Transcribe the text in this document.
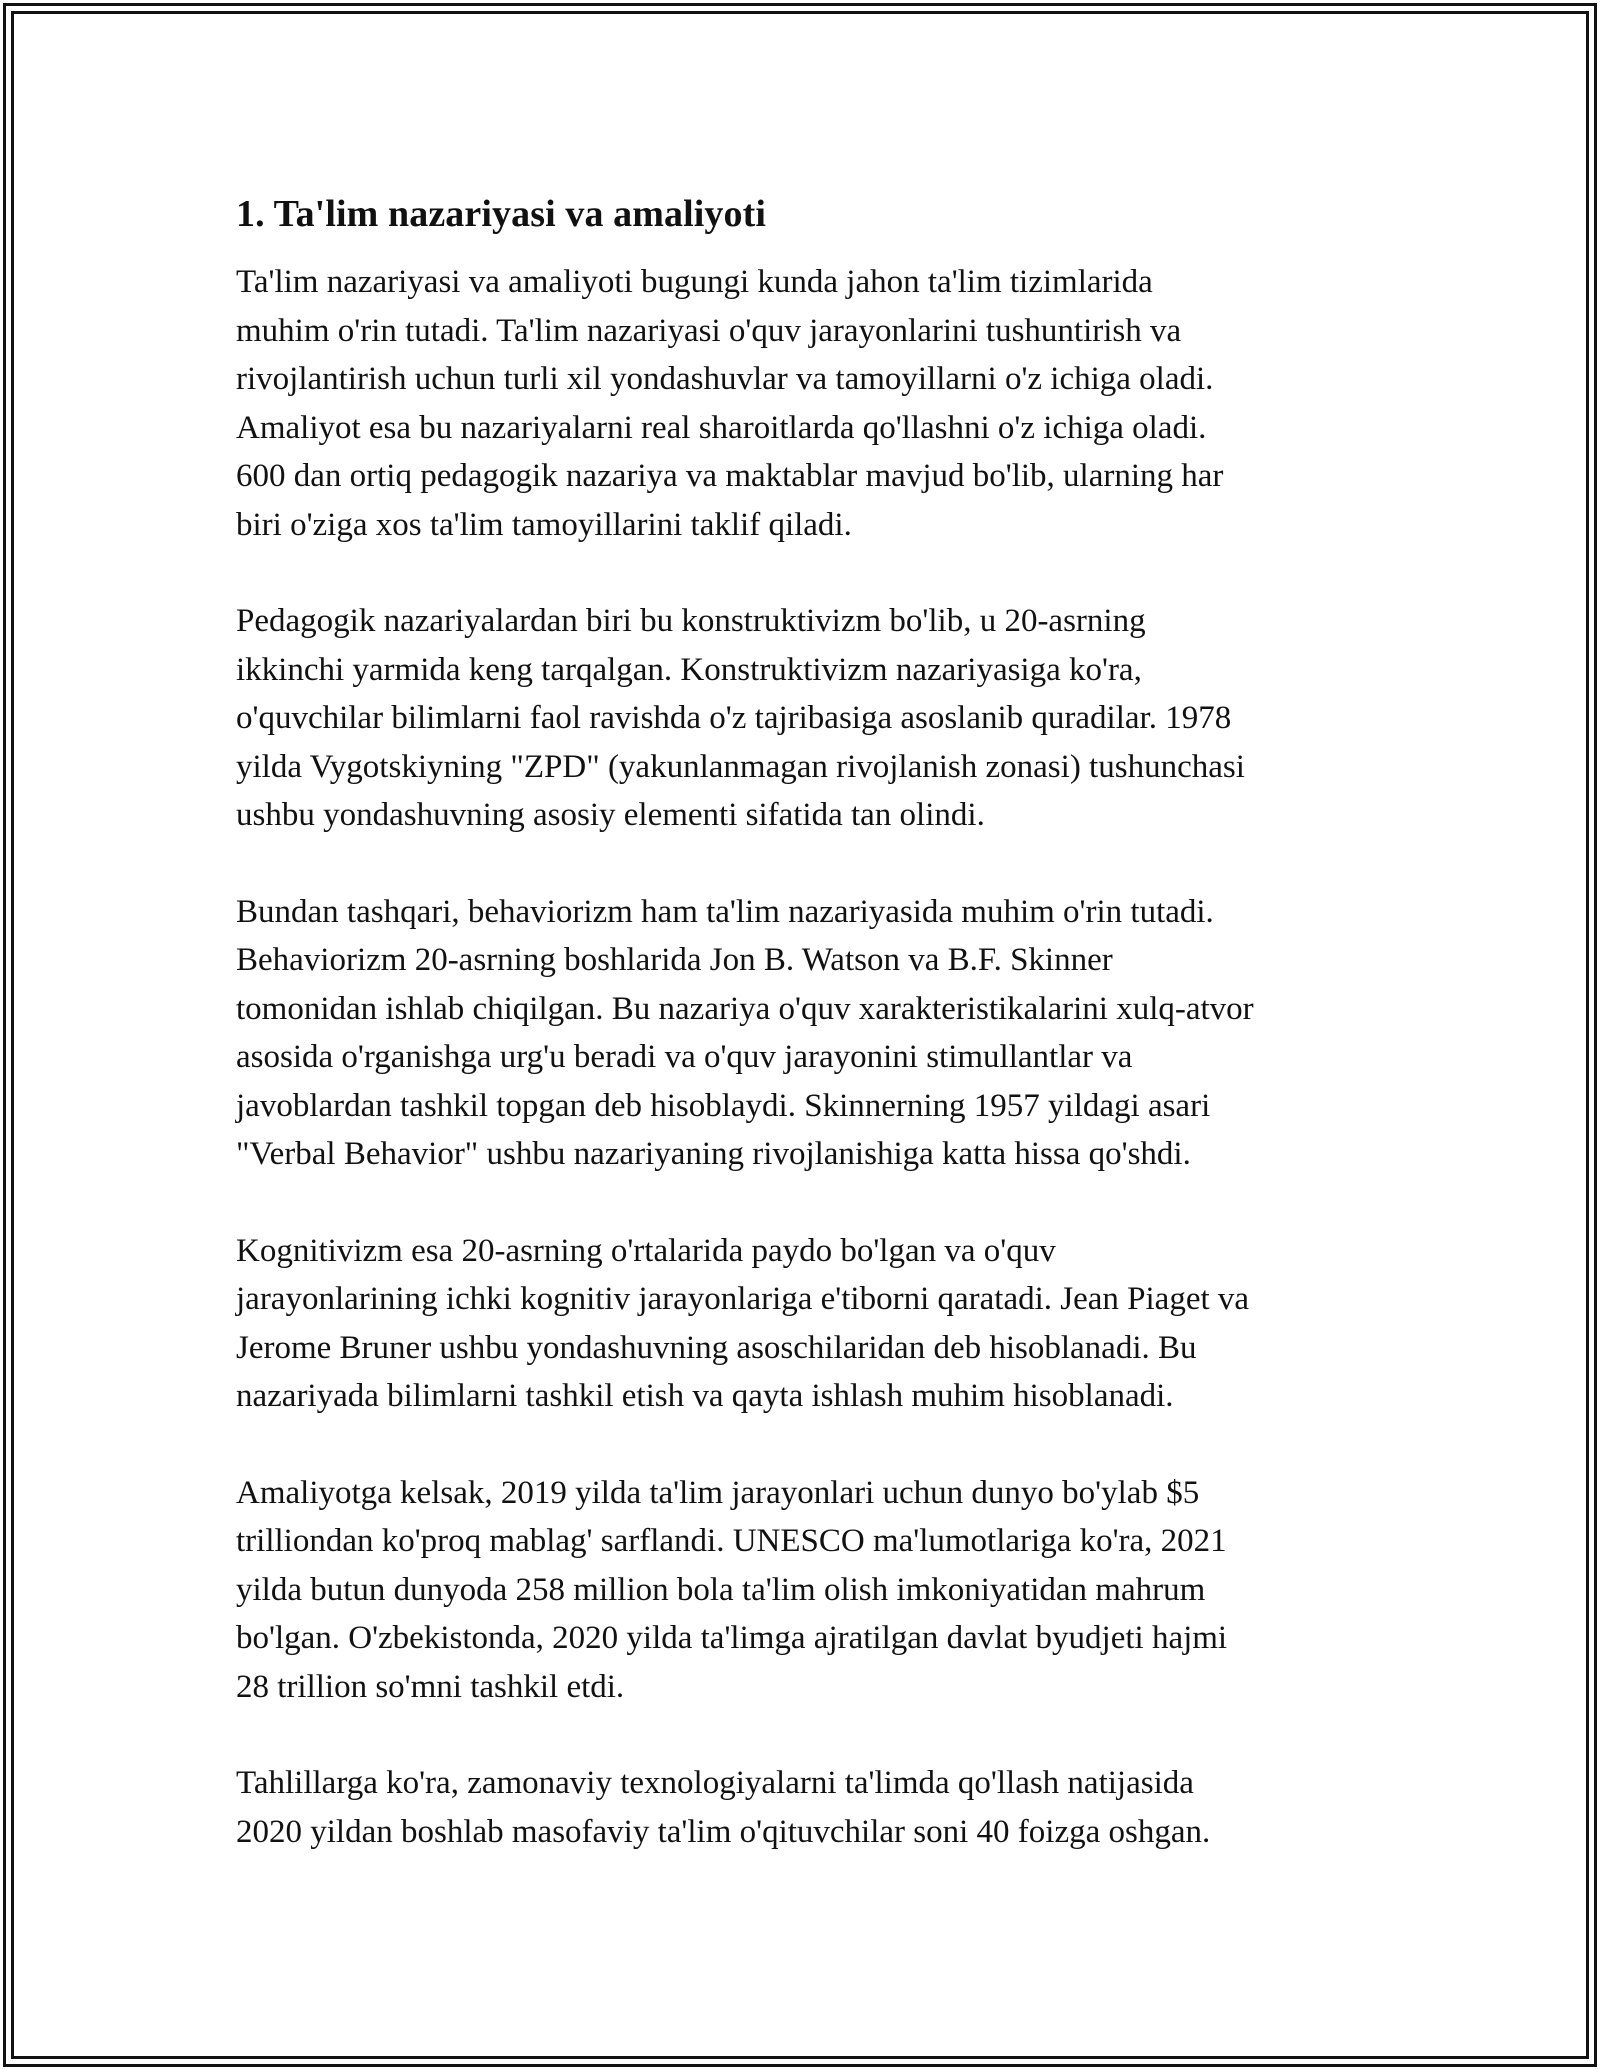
1. Ta'lim nazariyasi va amaliyoti

Ta'lim nazariyasi va amaliyoti bugungi kunda jahon ta'lim tizimlarida
muhim o'rin tutadi. Ta'lim nazariyasi o'quv jarayonlarini tushuntirish va
rivojlantirish uchun turli xil yondashuvlar va tamoyillarni o'z ichiga oladi.
Amaliyot esa bu nazariyalarni real sharoitlarda qo'llashni o'z ichiga oladi.
600 dan ortiq pedagogik nazariya va maktablar mavjud bo'lib, ularning har
biri o'ziga xos ta'lim tamoyillarini taklif qiladi.

Pedagogik nazariyalardan biri bu konstruktivizm bo'lib, u 20-asrning
ikkinchi yarmida keng tarqalgan. Konstruktivizm nazariyasiga ko'ra,
o'quvchilar bilimlarni faol ravishda o'z tajribasiga asoslanib quradilar. 1978
yilda Vygotskiyning "ZPD" (yakunlanmagan rivojlanish zonasi) tushunchasi
ushbu yondashuvning asosiy elementi sifatida tan olindi.

Bundan tashqari, behaviorizm ham ta'lim nazariyasida muhim o'rin tutadi.
Behaviorizm 20-asrning boshlarida Jon B. Watson va B.F. Skinner
tomonidan ishlab chiqilgan. Bu nazariya o'quv xarakteristikalarini xulq-atvor
asosida o'rganishga urg'u beradi va o'quv jarayonini stimullantlar va
javoblardan tashkil topgan deb hisoblaydi. Skinnerning 1957 yildagi asari
"Verbal Behavior" ushbu nazariyaning rivojlanishiga katta hissa qo'shdi.

Kognitivizm esa 20-asrning o'rtalarida paydo bo'lgan va o'quv
jarayonlarining ichki kognitiv jarayonlariga e'tiborni qaratadi. Jean Piaget va
Jerome Bruner ushbu yondashuvning asoschilaridan deb hisoblanadi. Bu
nazariyada bilimlarni tashkil etish va qayta ishlash muhim hisoblanadi.

Amaliyotga kelsak, 2019 yilda ta'lim jarayonlari uchun dunyo bo'ylab $5
trilliondan ko'proq mablag' sarflandi. UNESCO ma'lumotlariga ko'ra, 2021
yilda butun dunyoda 258 million bola ta'lim olish imkoniyatidan mahrum
bo'lgan. O'zbekistonda, 2020 yilda ta'limga ajratilgan davlat byudjeti hajmi
28 trillion so'mni tashkil etdi.

Tahlillarga ko'ra, zamonaviy texnologiyalarni ta'limda qo'llash natijasida
2020 yildan boshlab masofaviy ta'lim o'qituvchilar soni 40 foizga oshgan.
